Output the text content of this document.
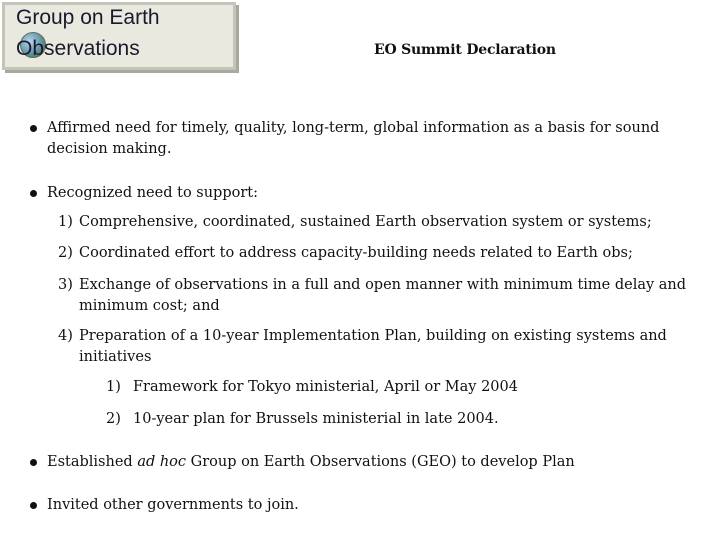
Group on Earth
Observations	EO Summit Declaration
Affirmed need for timely, quality, long-term, global information as a basis for sound decision making.
Recognized need to support:
1) Comprehensive, coordinated, sustained Earth observation system or systems;
2) Coordinated effort to address capacity-building needs related to Earth obs;
3) Exchange of observations in a full and open manner with minimum time delay and minimum cost; and
4) Preparation of a 10-year Implementation Plan, building on existing systems and initiatives
1) Framework for Tokyo ministerial, April or May 2004
2) 10-year plan for Brussels ministerial in late 2004.
Established ad hoc Group on Earth Observations (GEO) to develop Plan
Invited other governments to join.
